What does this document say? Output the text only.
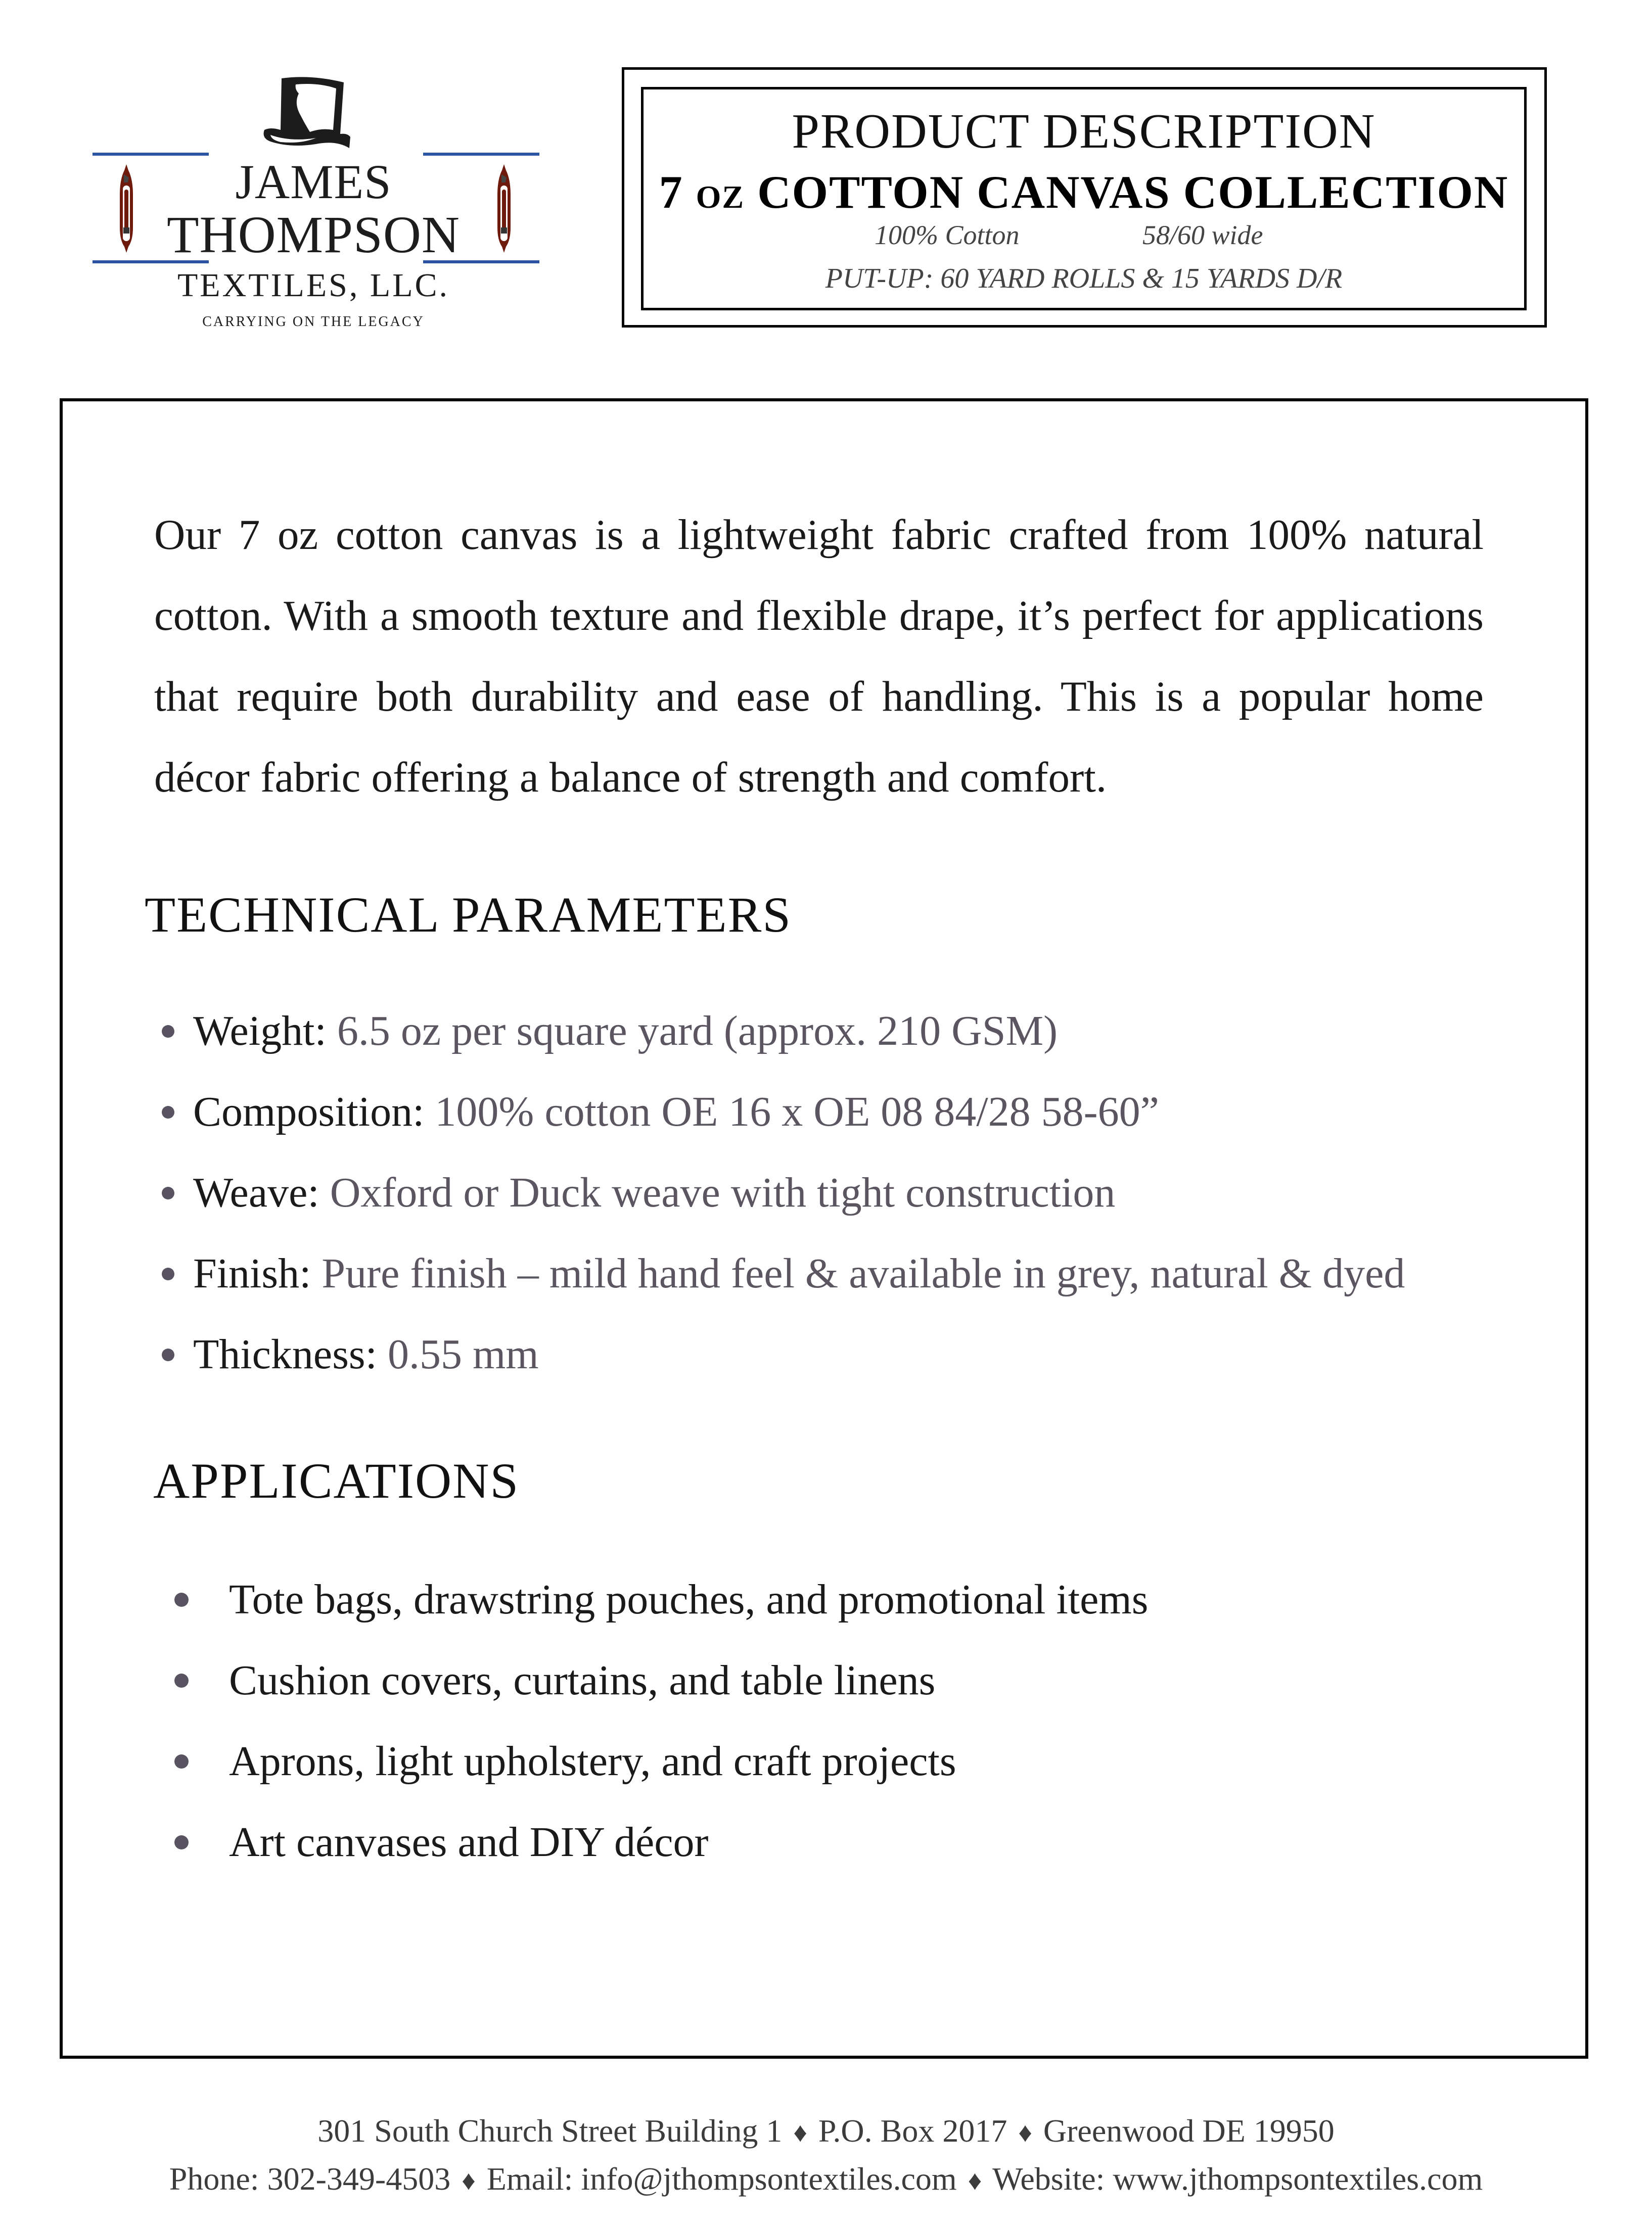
JAMES
THOMPSON
TEXTILES, LLC.
CARRYING ON THE LEGACY
PRODUCT DESCRIPTION
7 oz COTTON CANVAS COLLECTION
100% Cotton	58/60 wide
PUT-UP: 60 YARD ROLLS & 15 YARDS D/R

Our 7 oz cotton canvas is a lightweight fabric crafted from 100% natural cotton. With a smooth texture and flexible drape, it’s perfect for applications that require both durability and ease of handling. This is a popular home décor fabric offering a balance of strength and comfort.

TECHNICAL PARAMETERS
Weight:
6.5 oz per square yard (approx. 210 GSM)
Composition:
100% cotton OE 16 x OE 08 84/28 58-60”
Weave:
Oxford or Duck weave with tight construction
Finish:
Pure finish – mild hand feel & available in grey, natural & dyed
Thickness:
0.55 mm
APPLICATIONS
Tote bags, drawstring pouches, and promotional items
Cushion covers, curtains, and table linens
Aprons, light upholstery, and craft projects
Art canvases and DIY décor
301 South Church Street Building 1 ♦ P.O. Box 2017 ♦ Greenwood DE 19950
Phone: 302-349-4503 ♦ Email: info@jthompsontextiles.com ♦ Website: www.jthompsontextiles.com
